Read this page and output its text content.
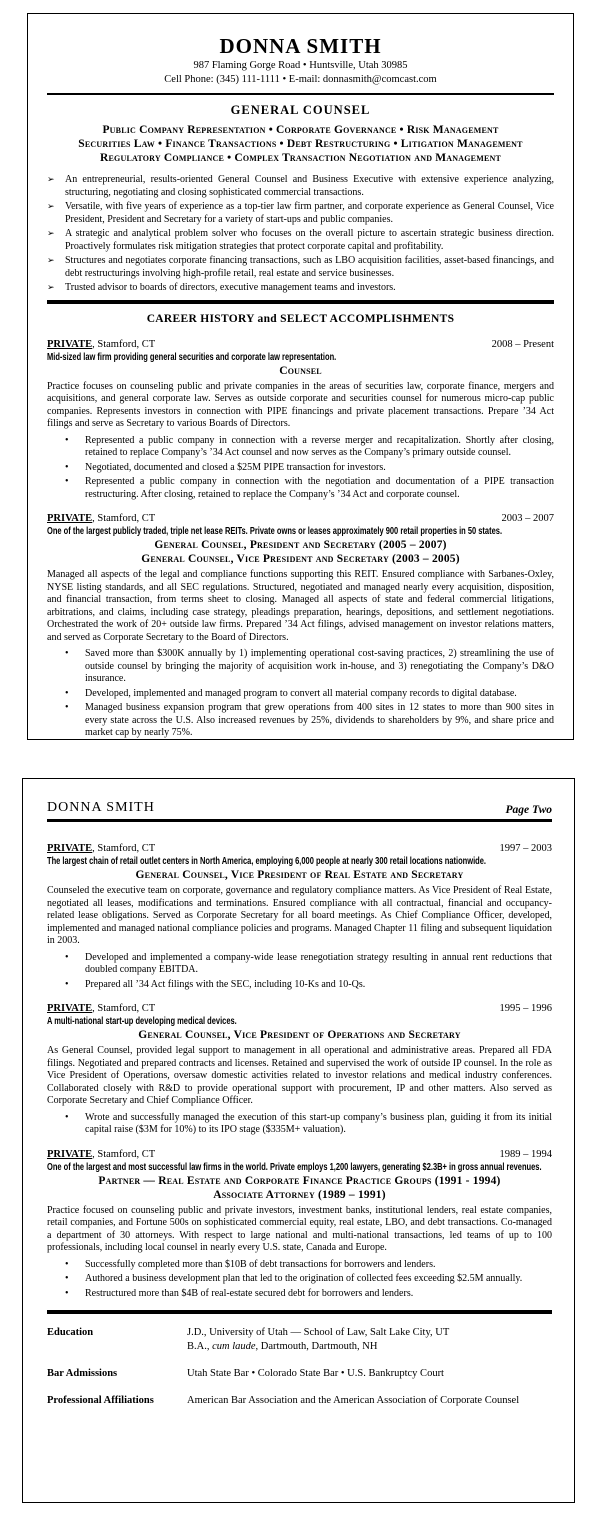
DONNA SMITH
987 Flaming Gorge Road • Huntsville, Utah 30985
Cell Phone: (345) 111-1111 • E-mail: donnasmith@comcast.com
GENERAL COUNSEL
Public Company Representation • Corporate Governance • Risk Management
Securities Law • Finance Transactions • Debt Restructuring • Litigation Management
Regulatory Compliance • Complex Transaction Negotiation and Management
➢ An entrepreneurial, results-oriented General Counsel and Business Executive with extensive experience analyzing, structuring, negotiating and closing sophisticated commercial transactions.
➢ Versatile, with five years of experience as a top-tier law firm partner, and corporate experience as General Counsel, Vice President, President and Secretary for a variety of start-ups and public companies.
➢ A strategic and analytical problem solver who focuses on the overall picture to ascertain strategic business direction. Proactively formulates risk mitigation strategies that protect corporate capital and profitability.
➢ Structures and negotiates corporate financing transactions, such as LBO acquisition facilities, asset-based financings, and debt restructurings involving high-profile retail, real estate and service businesses.
➢ Trusted advisor to boards of directors, executive management teams and investors.
CAREER HISTORY and SELECT ACCOMPLISHMENTS
PRIVATE, Stamford, CT	2008 – Present
Mid-sized law firm providing general securities and corporate law representation.
Counsel

Practice focuses on counseling public and private companies in the areas of securities law, corporate finance, mergers and acquisitions, and general corporate law. Serves as outside corporate and securities counsel for numerous micro-cap public companies. Represents investors in connection with PIPE financings and private placement transactions. Prepare ’34 Act filings and serve as Secretary to various Boards of Directors.

• Represented a public company in connection with a reverse merger and recapitalization. Shortly after closing, retained to replace Company’s ’34 Act counsel and now serves as the Company’s primary outside counsel.
• Negotiated, documented and closed a $25M PIPE transaction for investors.
• Represented a public company in connection with the negotiation and documentation of a PIPE transaction restructuring. After closing, retained to replace the Company’s ’34 Act and corporate counsel.
PRIVATE, Stamford, CT	2003 – 2007
One of the largest publicly traded, triple net lease REITs. Private owns or leases approximately 900 retail properties in 50 states.
General Counsel, President and Secretary (2005 – 2007)
General Counsel, Vice President and Secretary (2003 – 2005)

Managed all aspects of the legal and compliance functions supporting this REIT. Ensured compliance with Sarbanes-Oxley, NYSE listing standards, and all SEC regulations. Structured, negotiated and managed nearly every acquisition, disposition, and financial transaction, from terms sheet to closing. Managed all aspects of state and federal commercial litigations, arbitrations, and claims, including case strategy, pleadings preparation, hearings, depositions, and settlement negotiations. Orchestrated the work of 20+ outside law firms. Prepared ’34 Act filings, advised management on investor relations matters, and served as Corporate Secretary to the Board of Directors.

• Saved more than $300K annually by 1) implementing operational cost-saving practices, 2) streamlining the use of outside counsel by bringing the majority of acquisition work in-house, and 3) renegotiating the Company’s D&O insurance.
• Developed, implemented and managed program to convert all material company records to digital database.
• Managed business expansion program that grew operations from 400 sites in 12 states to more than 900 sites in every state across the U.S. Also increased revenues by 25%, dividends to shareholders by 9%, and share price and market cap by nearly 75%.
DONNA SMITH	Page Two
PRIVATE, Stamford, CT	1997 – 2003
The largest chain of retail outlet centers in North America, employing 6,000 people at nearly 300 retail locations nationwide.
General Counsel, Vice President of Real Estate and Secretary

Counseled the executive team on corporate, governance and regulatory compliance matters. As Vice President of Real Estate, negotiated all leases, modifications and terminations. Ensured compliance with all contractual, financial and occupancy-related lease obligations. Served as Corporate Secretary for all board meetings. As Chief Compliance Officer, developed, implemented and managed national compliance policies and programs. Managed Chapter 11 filing and subsequent liquidation in 2003.

• Developed and implemented a company-wide lease renegotiation strategy resulting in annual rent reductions that doubled company EBITDA.
• Prepared all ’34 Act filings with the SEC, including 10-Ks and 10-Qs.
PRIVATE, Stamford, CT	1995 – 1996
A multi-national start-up developing medical devices.
General Counsel, Vice President of Operations and Secretary

As General Counsel, provided legal support to management in all operational and administrative areas. Prepared all FDA filings. Negotiated and prepared contracts and licenses. Retained and supervised the work of outside IP counsel. In the role as Vice President of Operations, oversaw domestic activities related to investor relations and medical industry conferences. Collaborated closely with R&D to provide operational support with procurement, IP and other matters. Also served as Corporate Secretary and Chief Compliance Officer.

• Wrote and successfully managed the execution of this start-up company’s business plan, guiding it from its initial capital raise ($3M for 10%) to its IPO stage ($335M+ valuation).
PRIVATE, Stamford, CT	1989 – 1994
One of the largest and most successful law firms in the world. Private employs 1,200 lawyers, generating $2.3B+ in gross annual revenues.
Partner — Real Estate and Corporate Finance Practice Groups (1991 - 1994)
Associate Attorney (1989 – 1991)

Practice focused on counseling public and private investors, investment banks, institutional lenders, real estate companies, retail companies, and Fortune 500s on sophisticated commercial equity, real estate, LBO, and debt transactions. Co-managed a department of 30 attorneys. With respect to large national and multi-national transactions, led teams of up to 100 professionals, including local counsel in nearly every U.S. state, Canada and Europe.

• Successfully completed more than $10B of debt transactions for borrowers and lenders.
• Authored a business development plan that led to the origination of collected fees exceeding $2.5M annually.
• Restructured more than $4B of real-estate secured debt for borrowers and lenders.
Education	J.D., University of Utah — School of Law, Salt Lake City, UT
B.A., cum laude, Dartmouth, Dartmouth, NH
Bar Admissions	Utah State Bar • Colorado State Bar • U.S. Bankruptcy Court
Professional Affiliations	American Bar Association and the American Association of Corporate Counsel
